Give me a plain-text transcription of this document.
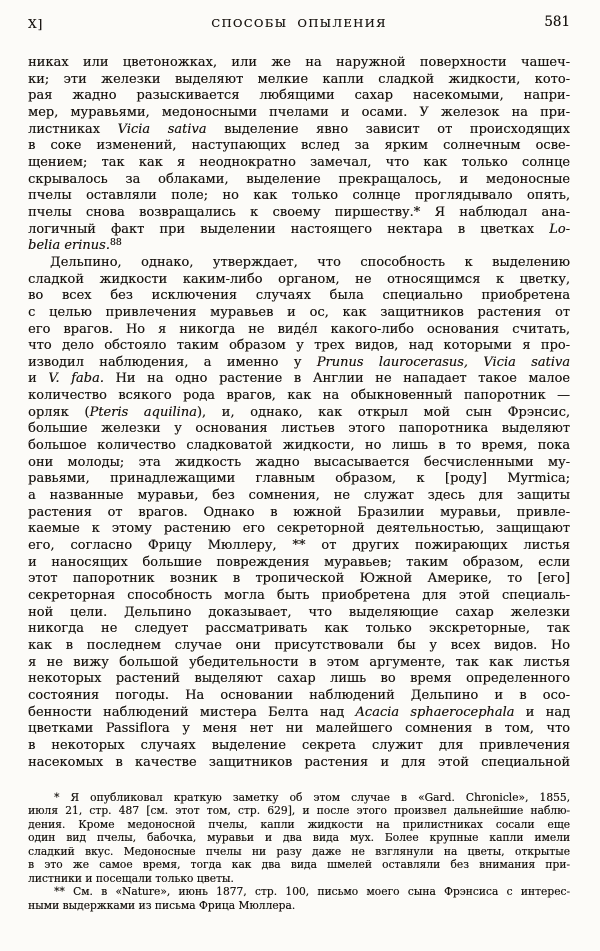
X]	СПОСОБЫ ОПЫЛЕНИЯ	581
никах или цветоножках, или же на наружной поверхности чашеч-
ки; эти железки выделяют мелкие капли сладкой жидкости, кото-
рая жадно разыскивается любящими сахар насекомыми, напри-
мер, муравьями, медоносными пчелами и осами. У железок на при-
листниках Vicia sativa выделение явно зависит от происходящих
в соке изменений, наступающих вслед за ярким солнечным осве-
щением; так как я неоднократно замечал, что как только солнце
скрывалось за облаками, выделение прекращалось, и медоносные
пчелы оставляли поле; но как только солнце проглядывало опять,
пчелы снова возвращались к своему пиршеству.* Я наблюдал ана-
логичный факт при выделении настоящего нектара в цветках Lo-
belia erinus.$^{88}$
Дельпино, однако, утверждает, что способность к выделению
сладкой жидкости каким-либо органом, не относящимся к цветку,
во всех без исключения случаях была специально приобретена
с целью привлечения муравьев и ос, как защитников растения от
его врагов. Но я никогда не виде́л какого-либо основания считать,
что дело обстояло таким образом у трех видов, над которыми я про-
изводил наблюдения, а именно у Prunus laurocerasus, Vicia sativa
и V. faba. Ни на одно растение в Англии не нападает такое малое
количество всякого рода врагов, как на обыкновенный папоротник —
орляк (Pteris aquilina), и, однако, как открыл мой сын Фрэнсис,
большие железки у основания листьев этого папоротника выделяют
большое количество сладковатой жидкости, но лишь в то время, пока
они молоды; эта жидкость жадно высасывается бесчисленными му-
равьями, принадлежащими главным образом, к [роду] Myrmica;
а названные муравьи, без сомнения, не служат здесь для защиты
растения от врагов. Однако в южной Бразилии муравьи, привле-
каемые к этому растению его секреторной деятельностью, защищают
его, согласно Фрицу Мюллеру, ** от других пожирающих листья
и наносящих большие повреждения муравьев; таким образом, если
этот папоротник возник в тропической Южной Америке, то [его]
секреторная способность могла быть приобретена для этой специаль-
ной цели. Дельпино доказывает, что выделяющие сахар железки
никогда не следует рассматривать как только экскреторные, так
как в последнем случае они присутствовали бы у всех видов. Но
я не вижу большой убедительности в этом аргументе, так как листья
некоторых растений выделяют сахар лишь во время определенного
состояния погоды. На основании наблюдений Дельпино и в осо-
бенности наблюдений мистера Белта над Acacia sphaerocephala и над
цветками Passiflora у меня нет ни малейшего сомнения в том, что
в некоторых случаях выделение секрета служит для привлечения
насекомых в качестве защитников растения и для этой специальной
* Я опубликовал краткую заметку об этом случае в «Gard. Chronicle», 1855,
июля 21, стр. 487 [см. этот том, стр. 629], и после этого произвел дальнейшие наблю-
дения. Кроме медоносной пчелы, капли жидкости на прилистниках сосали еще
один вид пчелы, бабочка, муравьи и два вида мух. Более крупные капли имели
сладкий вкус. Медоносные пчелы ни разу даже не взглянули на цветы, открытые
в это же самое время, тогда как два вида шмелей оставляли без внимания при-
листники и посещали только цветы.
** См. в «Nature», июнь 1877, стр. 100, письмо моего сына Фрэнсиса с интерес-
ными выдержками из письма Фрица Мюллера.
